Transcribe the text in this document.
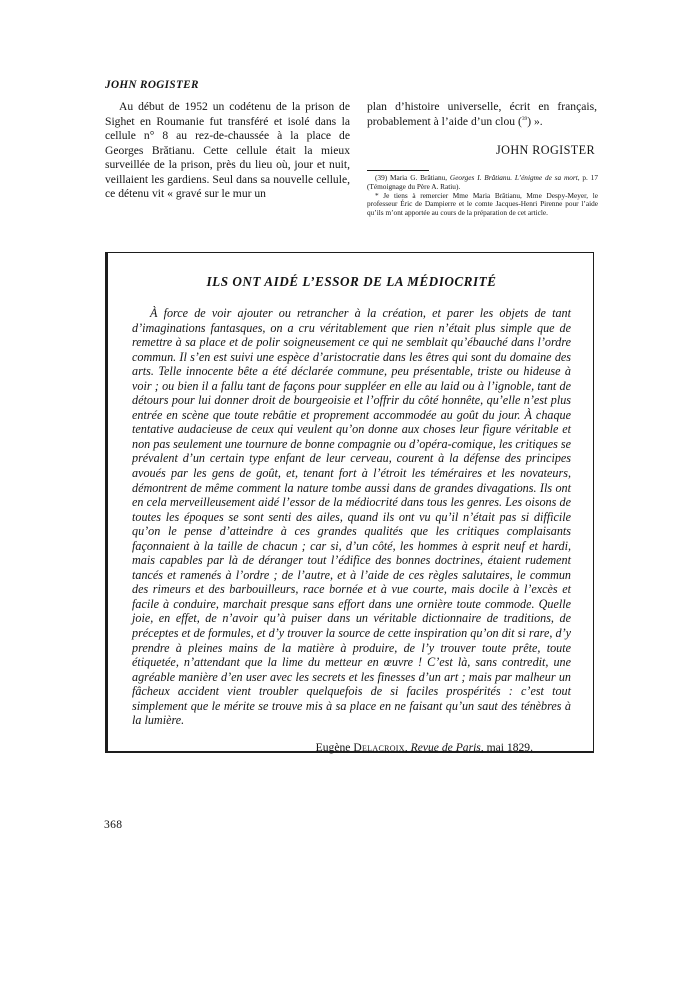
JOHN ROGISTER

Au début de 1952 un codétenu de la prison de Sighet en Roumanie fut transféré et isolé dans la cellule n° 8 au rez-de-chaussée à la place de Georges Brătianu. Cette cellule était la mieux surveillée de la prison, près du lieu où, jour et nuit, veillaient les gardiens. Seul dans sa nouvelle cellule, ce détenu vit « gravé sur le mur un

plan d’histoire universelle, écrit en français, probablement à l’aide d’un clou ($^{39}$) ».

JOHN ROGISTER

(39) Maria G. Brătianu, Georges I. Brătianu. L’énigme de sa mort, p. 17 (Témoignage du Père A. Ratiu).

* Je tiens à remercier Mme Maria Brătianu, Mme Despy-Meyer, le professeur Éric de Dampierre et le comte Jacques-Henri Pirenne pour l’aide qu’ils m’ont apportée au cours de la préparation de cet article.

ILS ONT AIDÉ L’ESSOR DE LA MÉDIOCRITÉ

À force de voir ajouter ou retrancher à la création, et parer les objets de tant d’imaginations fantasques, on a cru véritablement que rien n’était plus simple que de remettre à sa place et de polir soigneusement ce qui ne semblait qu’ébauché dans l’ordre commun. Il s’en est suivi une espèce d’aristocratie dans les êtres qui sont du domaine des arts. Telle innocente bête a été déclarée commune, peu présentable, triste ou hideuse à voir ; ou bien il a fallu tant de façons pour suppléer en elle au laid ou à l’ignoble, tant de détours pour lui donner droit de bourgeoisie et l’offrir du côté honnête, qu’elle n’est plus entrée en scène que toute rebâtie et proprement accommodée au goût du jour. À chaque tentative audacieuse de ceux qui veulent qu’on donne aux choses leur figure véritable et non pas seulement une tournure de bonne compagnie ou d’opéra-comique, les critiques se prévalent d’un certain type enfant de leur cerveau, courent à la défense des principes avoués par les gens de goût, et, tenant fort à l’étroit les téméraires et les novateurs, démontrent de même comment la nature tombe aussi dans de grandes divagations. Ils ont en cela merveilleusement aidé l’essor de la médiocrité dans tous les genres. Les oisons de toutes les époques se sont senti des ailes, quand ils ont vu qu’il n’était pas si difficile qu’on le pense d’atteindre à ces grandes qualités que les critiques complaisants façonnaient à la taille de chacun ; car si, d’un côté, les hommes à esprit neuf et hardi, mais capables par là de déranger tout l’édifice des bonnes doctrines, étaient rudement tancés et ramenés à l’ordre ; de l’autre, et à l’aide de ces règles salutaires, le commun des rimeurs et des barbouilleurs, race bornée et à vue courte, mais docile à l’excès et facile à conduire, marchait presque sans effort dans une ornière toute commode. Quelle joie, en effet, de n’avoir qu’à puiser dans un véritable dictionnaire de traditions, de préceptes et de formules, et d’y trouver la source de cette inspiration qu’on dit si rare, d’y prendre à pleines mains de la matière à produire, de l’y trouver toute prête, toute étiquetée, n’attendant que la lime du metteur en œuvre ! C’est là, sans contredit, une agréable manière d’en user avec les secrets et les finesses d’un art ; mais par malheur un fâcheux accident vient troubler quelquefois de si faciles prospérités : c’est tout simplement que le mérite se trouve mis à sa place en ne faisant qu’un saut des ténèbres à la lumière.

Eugène Delacroix, Revue de Paris, mai 1829.
368
